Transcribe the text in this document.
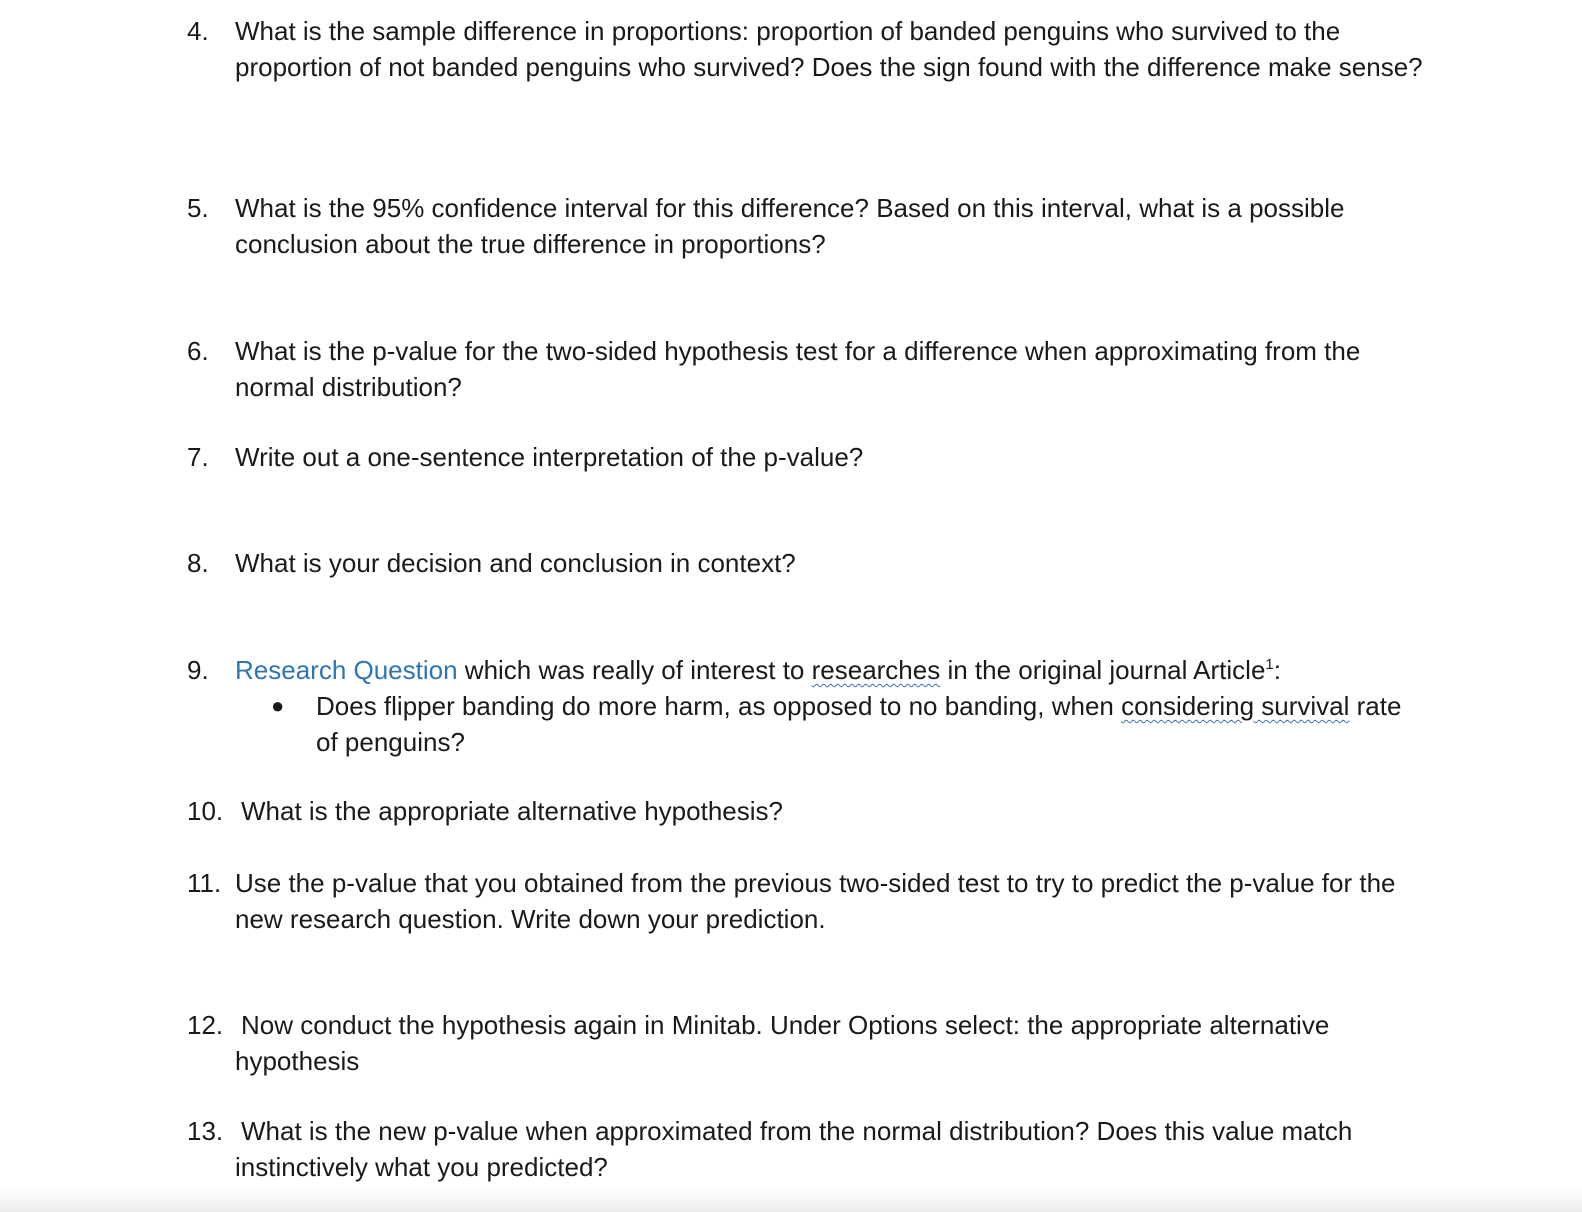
4. What is the sample difference in proportions: proportion of banded penguins who survived to the proportion of not banded penguins who survived? Does the sign found with the difference make sense?
5. What is the 95% confidence interval for this difference? Based on this interval, what is a possible conclusion about the true difference in proportions?
6. What is the p-value for the two-sided hypothesis test for a difference when approximating from the normal distribution?
7. Write out a one-sentence interpretation of the p-value?
8. What is your decision and conclusion in context?
9. Research Question which was really of interest to researches in the original journal Article$^1$:
● Does flipper banding do more harm, as opposed to no banding, when considering survival rate of penguins?
10. What is the appropriate alternative hypothesis?
11. Use the p-value that you obtained from the previous two-sided test to try to predict the p-value for the new research question. Write down your prediction.
12. Now conduct the hypothesis again in Minitab. Under Options select: the appropriate alternative
hypothesis
13. What is the new p-value when approximated from the normal distribution? Does this value match
instinctively what you predicted?
